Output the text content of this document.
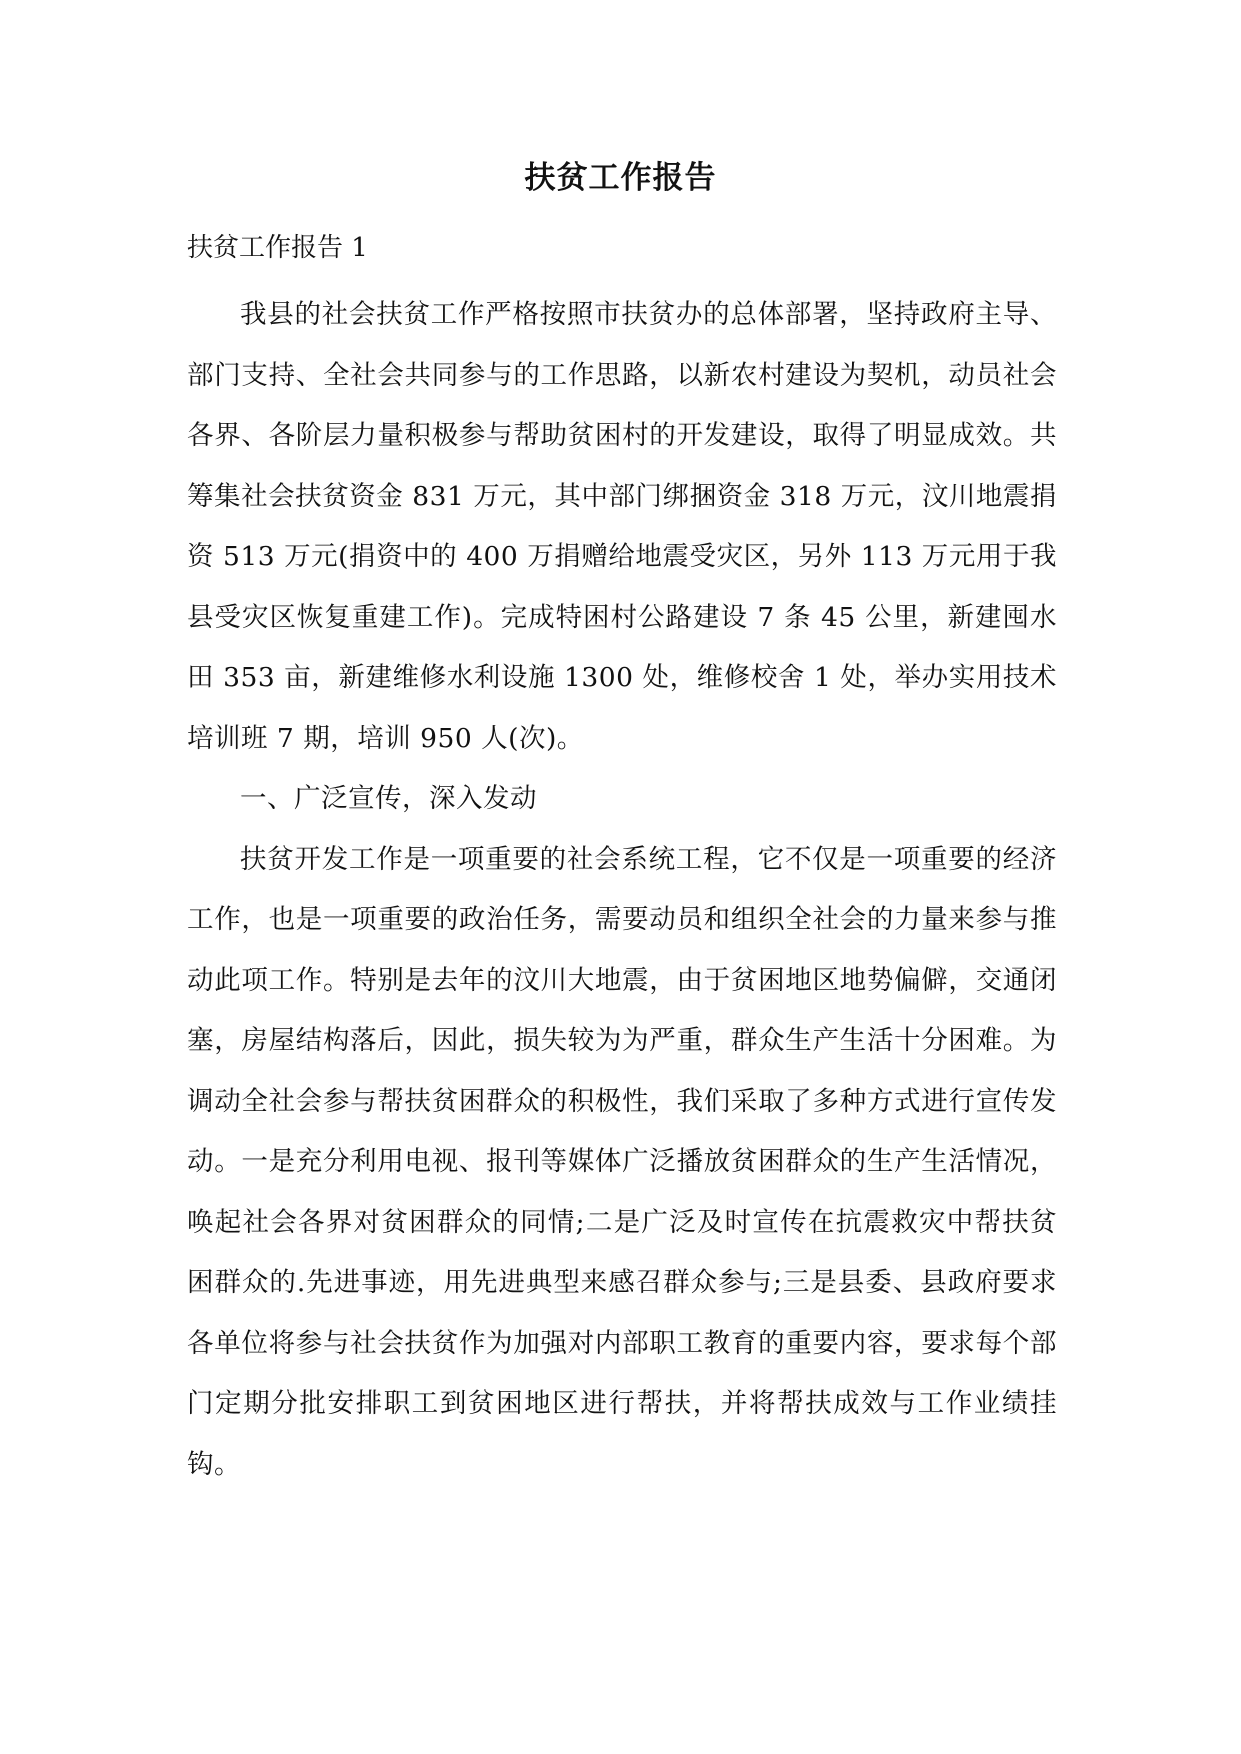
扶贫工作报告

扶贫工作报告 1

我县的社会扶贫工作严格按照市扶贫办的总体部署，坚持政府主导、部门支持、全社会共同参与的工作思路，以新农村建设为契机，动员社会各界、各阶层力量积极参与帮助贫困村的开发建设，取得了明显成效。共筹集社会扶贫资金 831 万元，其中部门绑捆资金 318 万元，汶川地震捐资 513 万元(捐资中的 400 万捐赠给地震受灾区，另外 113 万元用于我县受灾区恢复重建工作)。完成特困村公路建设 7 条 45 公里，新建囤水田 353 亩，新建维修水利设施 1300 处，维修校舍 1 处，举办实用技术培训班 7 期，培训 950 人(次)。

一、广泛宣传，深入发动

扶贫开发工作是一项重要的社会系统工程，它不仅是一项重要的经济工作，也是一项重要的政治任务，需要动员和组织全社会的力量来参与推动此项工作。特别是去年的汶川大地震，由于贫困地区地势偏僻，交通闭塞，房屋结构落后，因此，损失较为为严重，群众生产生活十分困难。为调动全社会参与帮扶贫困群众的积极性，我们采取了多种方式进行宣传发动。一是充分利用电视、报刊等媒体广泛播放贫困群众的生产生活情况，唤起社会各界对贫困群众的同情;二是广泛及时宣传在抗震救灾中帮扶贫困群众的.先进事迹，用先进典型来感召群众参与;三是县委、县政府要求各单位将参与社会扶贫作为加强对内部职工教育的重要内容，要求每个部门定期分批安排职工到贫困地区进行帮扶，并将帮扶成效与工作业绩挂钩。
